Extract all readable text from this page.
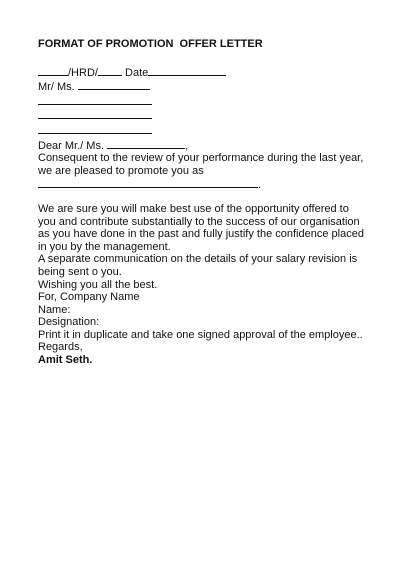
FORMAT OF PROMOTION  OFFER LETTER
/HRD/ Date
Mr/ Ms.
Dear Mr./ Ms.	,
Consequent to the review of your performance during the last year,
we are pleased to promote you as
.
We are sure you will make best use of the opportunity offered to
you and contribute substantially to the success of our organisation
as you have done in the past and fully justify the confidence placed
in you by the management.
A separate communication on the details of your salary revision is
being sent o you.
Wishing you all the best.
For, Company Name
Name:
Designation:
Print it in duplicate and take one signed approval of the employee..
Regards,
Amit Seth.
